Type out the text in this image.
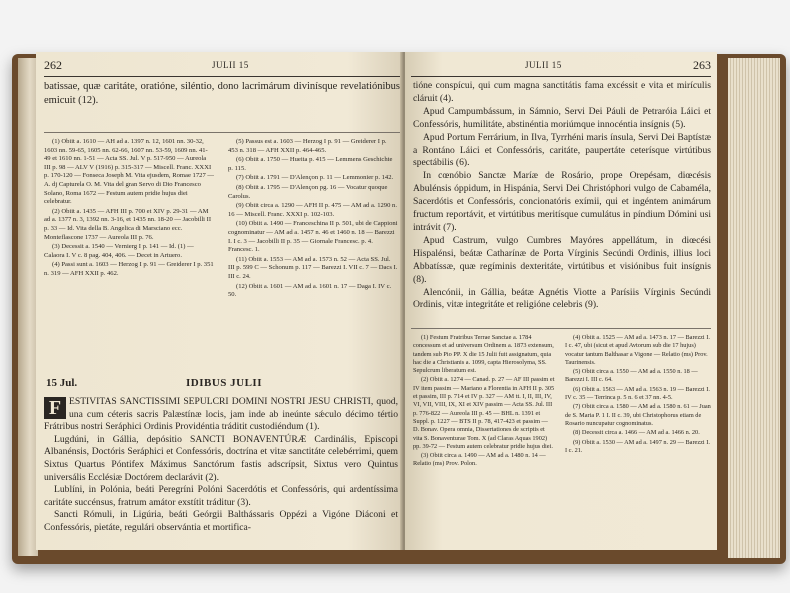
262	JULII 15

batissae, quæ caritáte, oratióne, siléntio, dono lacrimárum divinísque revelatiónibus emicuit (12).

(1) Obiit a. 1610 — AH ad a. 1397 n. 12, 1601 nn. 30-32, 1603 nn. 59-65, 1605 nn. 62-66, 1607 nn. 53-59, 1609 nn. 41-49 et 1610 nn. 1-51 — Acta SS. Jul. V p. 517-950 — Aureola III p. 98 — ALV V (1916) p. 315-317 — Miscell. Franc. XXXI p. 170-120 — Fonseca Joseph M. Vita ejusdem, Romae 1727 — A. dj Capturela O. M. Vita del gran Servo di Dio Francesco Solano, Roma 1672 — Festum autem pridie hujus diei celebratur.

(2) Obiit a. 1435 — AFH III p. 700 et XIV p. 29-31 — AM ad a. 1377 n. 3, 1392 nn. 3-16, et 1435 nn. 18-20 — Jacobilli II p. 33 — Id. Vita della B. Angelica di Marsciano ecc. Monteflascone 1737 — Aureola III p. 76.

(3) Decessit a. 1540 — Vernierg I p. 141 — Id. (1) — Calaora I. V c. 8 pag. 404, 406. — Decet in Artuero.

(4) Passi sunt a. 1603 — Herzog I p. 91 — Greiderer I p. 351 n. 319 — AFH XXII p. 462.

(5) Passus est a. 1603 — Herzog I p. 91 — Greiderer I p. 453 n. 318 — AFH XXII p. 464-465.

(6) Obiit a. 1750 — Hueita p. 415 — Lemmens Geschichte p. 115.

(7) Obiit a. 1791 — D'Alençon p. 11 — Lemmonier p. 142.

(8) Obiit a. 1795 — D'Alençon pg. 16 — Vocatur quoque Carolus.

(9) Obiit circa a. 1290 — AFH II p. 475 — AM ad a. 1290 n. 16 — Miscell. Franc. XXXI p. 102-103.

(10) Obiit a. 1490 — Franceschina II p. 501, ubi de Cappioni cognominatur — AM ad a. 1457 n. 46 et 1460 n. 18 — Barezzi I. I c. 3 — Jacobilli II p. 35 — Giornale Francesc. p. 4. Francesc. 1.

(11) Obiit a. 1553 — AM ad a. 1573 n. 52 — Acta SS. Jul. III p. 599 C — Schonum p. 117 — Barezzi I. VII c. 7 — Dacs I. III c. 24.

(12) Obiit a. 1601 — AM ad a. 1601 n. 17 — Daga I. IV c. 50.

15 Jul.	IDIBUS JULII

F ESTIVITAS SANCTISSIMI SEPULCRI DOMINI NOSTRI JESU CHRISTI, quod, una cum céteris sacris Palæstínæ locis, jam inde ab ineúnte sǽculo décimo tértio Frátribus nostri Seráphici Ordinis Providéntia tráditit custodiéndum (1).

Lugdúni, in Gállia, depósitio SANCTI BONAVENTÚRÆ Cardinális, Episcopi Albanénsis, Doctóris Seráphici et Confessóris, doctrína et vitæ sanctitáte celebérrimi, quem Sixtus Quartus Póntifex Máximus Sanctórum fastis adscrípsit, Sixtus vero Quintus universális Ecclésiæ Doctórem declarávit (2).

Lublíni, in Polónia, beáti Peregríni Polóni Sacerdótis et Confessóris, qui ardentíssima caritáte succénsus, fratrum amátor exstítit tráditur (3).

Sancti Rómuli, in Ligúria, beáti Geórgii Balthássaris Oppézi a Vigóne Diáconi et Confessóris, pietáte, regulári observántia et mortifica-

JULII 15	263

tióne conspícui, qui cum magna sanctitátis fama excéssit e vita et mirículis cláruit (4).

Apud Campumbássum, in Sámnio, Servi Dei Páuli de Petraróia Láici et Confessóris, humilitáte, abstinéntia moriúmque innocéntia insígnis (5).

Apud Portum Ferrárium, in Ilva, Tyrrhéni maris ínsula, Servi Dei Baptístæ a Rontáno Láici et Confessóris, caritáte, paupertáte ceterísque virtútibus spectábilis (6).

In cœnóbio Sanctæ Maríæ de Rosário, prope Orepésam, diœcésis Abulénsis óppidum, in Hispánia, Servi Dei Christóphori vulgo de Cabaméla, Sacerdótis et Confessóris, concionatóris exímii, qui et ingéntem animárum fructum reportávit, et virtútibus meritísque cumulátus in píndium Dómini usi intrávit (7).

Apud Castrum, vulgo Cumbres Mayóres appellátum, in diœcési Hispalénsi, beátæ Catharínæ de Porta Vírginis Secúndi Ordinis, illius loci Abbatíssæ, quæ regíminis dexteritáte, virtútibus et visiónibus fuit insígnis (8).

Alencónii, in Gállia, beátæ Agnétis Viotte a Parísiis Vírginis Secúndi Ordinis, vitæ integritáte et religióne celebris (9).

(1) Festum Fratribus Terrae Sanctae a. 1784 concessum et ad universum Ordinem a. 1873 extensum, tandem sub Pio PP. X die 15 Julii fuit assignatum, quia hac die a Christianis a. 1099, capta Hierosolyma, SS. Sepulcrum liberatum est.

(2) Obiit a. 1274 — Canad. p. 27 — AF III passim et IV item passim — Mariano a Florentia in AFH II p. 305 et passim, III p. 714 et IV p. 327 — AM tt. I, II, III, IV, VI, VII, VIII, IX, XI et XIV passim — Acta SS. Jul. III p. 776-822 — Aureola III p. 45 — BHL n. 1391 et Suppl. p. 1227 — BTS II p. 78, 417-423 et passim — D. Bonav. Opera omnia, Dissertationes de scriptis et vita S. Bonaventurae Tom. X (ad Claras Aquas 1902) pp. 39-72 — Festum autem celebratur pridie hujus diei.

(3) Obiit circa a. 1490 — AM ad a. 1480 n. 14 — Relatio (ms) Prov. Polon.

(4) Obiit a. 1525 — AM ad a. 1473 n. 17 — Barezzi I. I c. 47, ubi (sicut et apud Avtorum sub die 17 hujus) vocatur tantum Balthasar a Vigone — Relatio (ms) Prov. Taurinensis.

(5) Obiit circa a. 1550 — AM ad a. 1550 n. 18 — Barezzi I. III c. 64.

(6) Obiit a. 1563 — AM ad a. 1563 n. 19 — Barezzi I. IV c. 35 — Terrinca p. 5 n. 6 et 37 nn. 4-5.

(7) Obiit circa a. 1580 — AM ad a. 1580 n. 61 — Juan de S. Maria P. 1 I. II c. 39, ubi Christophorus etiam de Rosario nuncupatur cognominatus.

(8) Decessit circa a. 1466 — AM ad a. 1466 n. 20.

(9) Obiit a. 1530 — AM ad a. 1497 n. 29 — Barezzi I. I c. 21.
